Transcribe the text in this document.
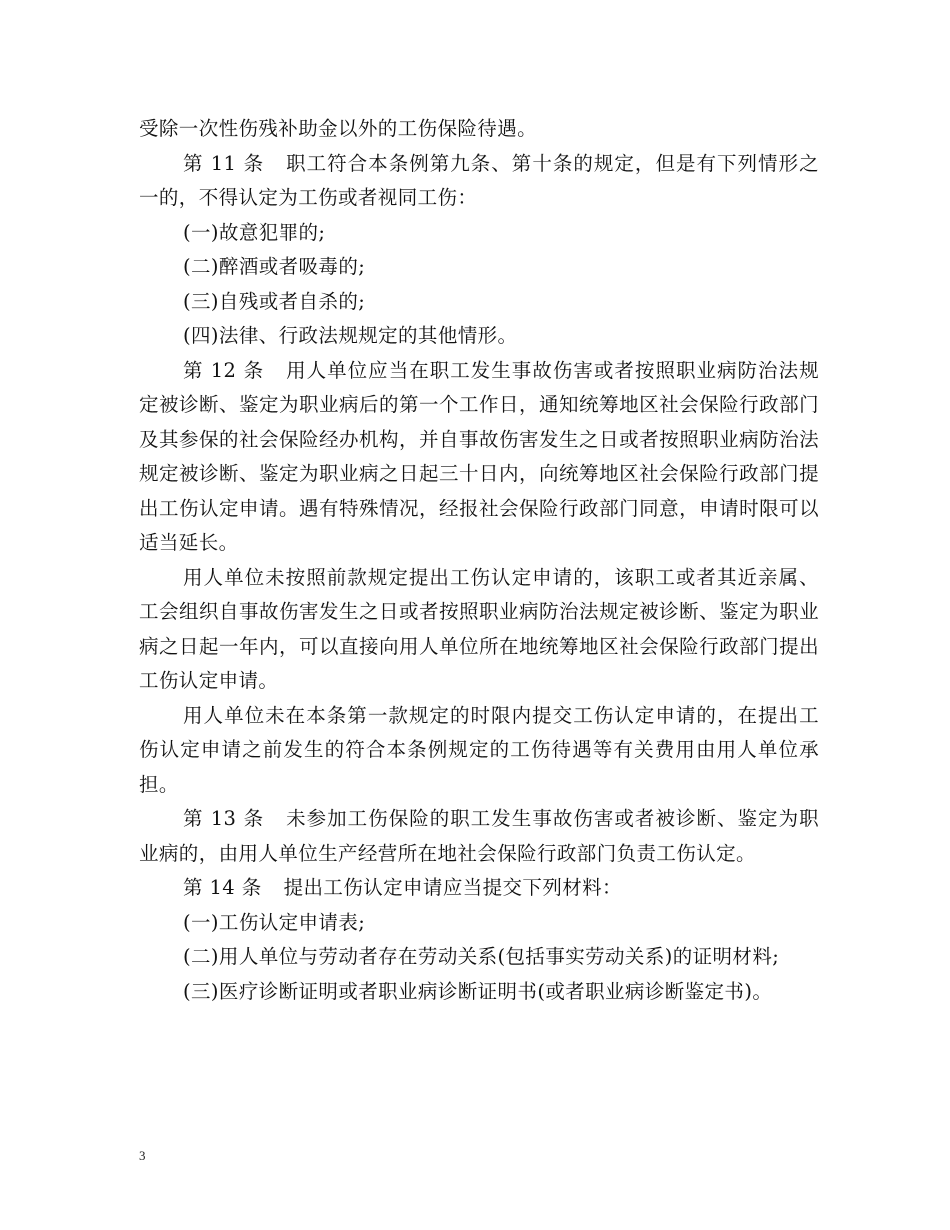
受除一次性伤残补助金以外的工伤保险待遇。

第 11 条 职工符合本条例第九条、第十条的规定，但是有下列情形之一的，不得认定为工伤或者视同工伤：

(一)故意犯罪的;

(二)醉酒或者吸毒的;

(三)自残或者自杀的;

(四)法律、行政法规规定的其他情形。

第 12 条 用人单位应当在职工发生事故伤害或者按照职业病防治法规定被诊断、鉴定为职业病后的第一个工作日，通知统筹地区社会保险行政部门及其参保的社会保险经办机构，并自事故伤害发生之日或者按照职业病防治法规定被诊断、鉴定为职业病之日起三十日内，向统筹地区社会保险行政部门提出工伤认定申请。遇有特殊情况，经报社会保险行政部门同意，申请时限可以适当延长。

用人单位未按照前款规定提出工伤认定申请的，该职工或者其近亲属、工会组织自事故伤害发生之日或者按照职业病防治法规定被诊断、鉴定为职业病之日起一年内，可以直接向用人单位所在地统筹地区社会保险行政部门提出工伤认定申请。

用人单位未在本条第一款规定的时限内提交工伤认定申请的，在提出工伤认定申请之前发生的符合本条例规定的工伤待遇等有关费用由用人单位承担。

第 13 条 未参加工伤保险的职工发生事故伤害或者被诊断、鉴定为职业病的，由用人单位生产经营所在地社会保险行政部门负责工伤认定。

第 14 条 提出工伤认定申请应当提交下列材料：

(一)工伤认定申请表;

(二)用人单位与劳动者存在劳动关系(包括事实劳动关系)的证明材料;

(三)医疗诊断证明或者职业病诊断证明书(或者职业病诊断鉴定书)。

3
